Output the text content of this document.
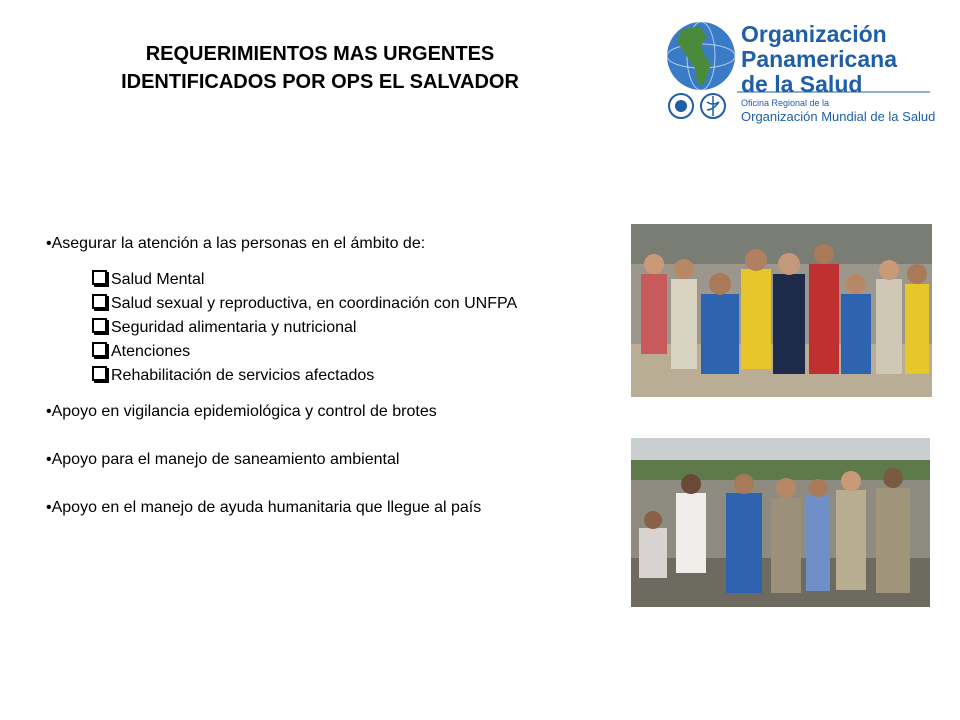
REQUERIMIENTOS MAS URGENTES
IDENTIFICADOS POR OPS EL SALVADOR
Organización
Panamericana
de la Salud
Oficina Regional de la
Organización Mundial de la Salud

• Asegurar la atención a las personas en el ámbito de:

Salud Mental
Salud sexual y reproductiva, en coordinación con UNFPA
Seguridad alimentaria y nutricional
Atenciones
Rehabilitación de servicios afectados

• Apoyo en vigilancia epidemiológica y control de brotes

• Apoyo para el manejo de saneamiento ambiental

• Apoyo en el manejo de ayuda humanitaria que llegue al país
